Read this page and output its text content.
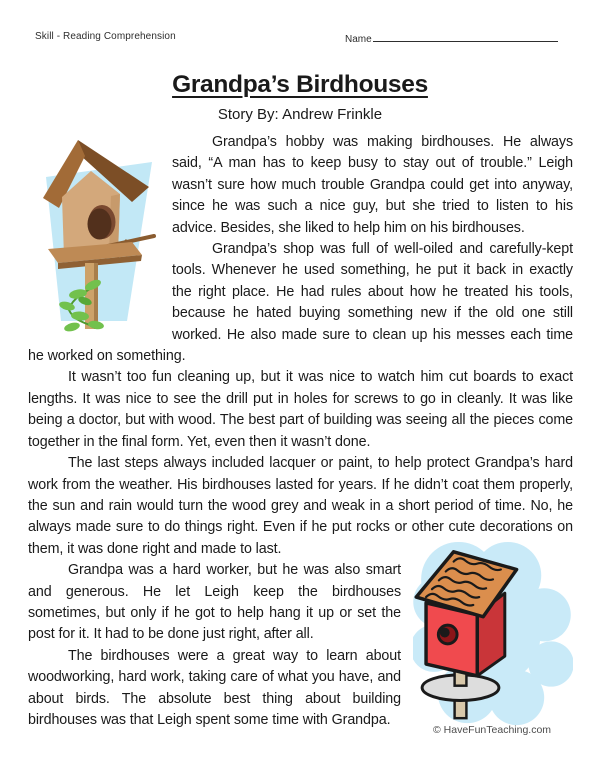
Skill - Reading Comprehension	Name
Grandpa’s Birdhouses
Story By: Andrew Frinkle

Grandpa’s hobby was making birdhouses. He always said, “A man has to keep busy to stay out of trouble.” Leigh wasn’t sure how much trouble Grandpa could get into anyway, since he was such a nice guy, but she tried to listen to his advice. Besides, she liked to help him on his birdhouses.

Grandpa’s shop was full of well-oiled and carefully-kept tools. Whenever he used something, he put it back in exactly the right place. He had rules about how he treated his tools, because he hated buying something new if the old one still worked. He also made sure to clean up his messes each time he worked on something.

It wasn’t too fun cleaning up, but it was nice to watch him cut boards to exact lengths. It was nice to see the drill put in holes for screws to go in cleanly. It was like being a doctor, but with wood. The best part of building was seeing all the pieces come together in the final form. Yet, even then it wasn’t done.

The last steps always included lacquer or paint, to help protect Grandpa’s hard work from the weather. His birdhouses lasted for years. If he didn’t coat them properly, the sun and rain would turn the wood grey and weak in a short period of time. No, he always made sure to do things right. Even if he put rocks or other cute decorations on them, it was done right and made to last.

Grandpa was a hard worker, but he was also smart and generous. He let Leigh keep the birdhouses sometimes, but only if he got to help hang it up or set the post for it. It had to be done just right, after all.

The birdhouses were a great way to learn about woodworking, hard work, taking care of what you have, and about birds. The absolute best thing about building birdhouses was that Leigh spent some time with Grandpa.

© HaveFunTeaching.com
